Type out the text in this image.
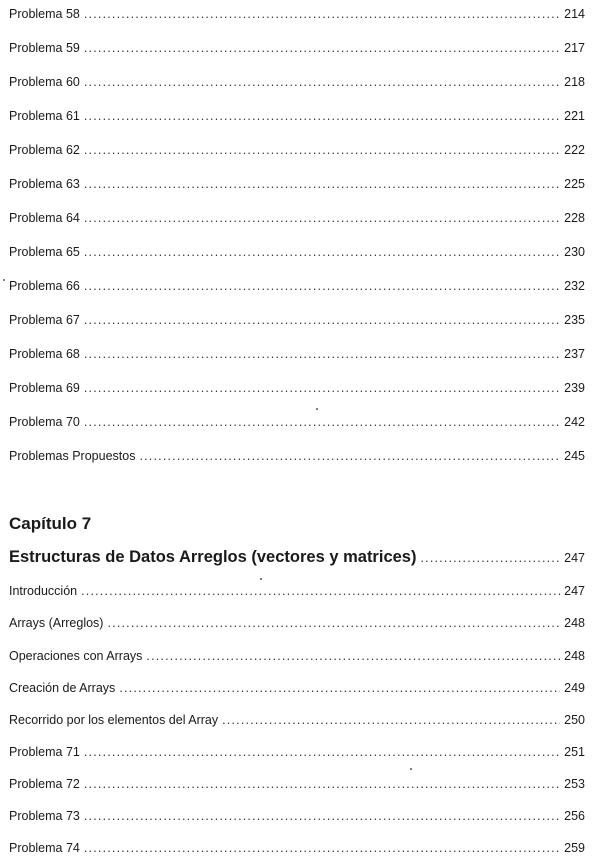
Problema 58 .....	214
Problema 59 .....	217
Problema 60 .....	218
Problema 61 .....	221
Problema 62 .....	222
Problema 63 .....	225
Problema 64 .....	228
Problema 65 .....	230
Problema 66 .....	232
Problema 67 .....	235
Problema 68 .....	237
Problema 69 .....	239
Problema 70 .....	242
Problemas Propuestos .....	245
Capítulo 7
Estructuras de Datos Arreglos (vectores y matrices) .....	247
Introducción .....	247
Arrays (Arreglos) .....	248
Operaciones con Arrays .....	248
Creación de Arrays .....	249
Recorrido por los elementos del Array .....	250
Problema 71 .....	251
Problema 72 .....	253
Problema 73 .....	256
Problema 74 .....	259
